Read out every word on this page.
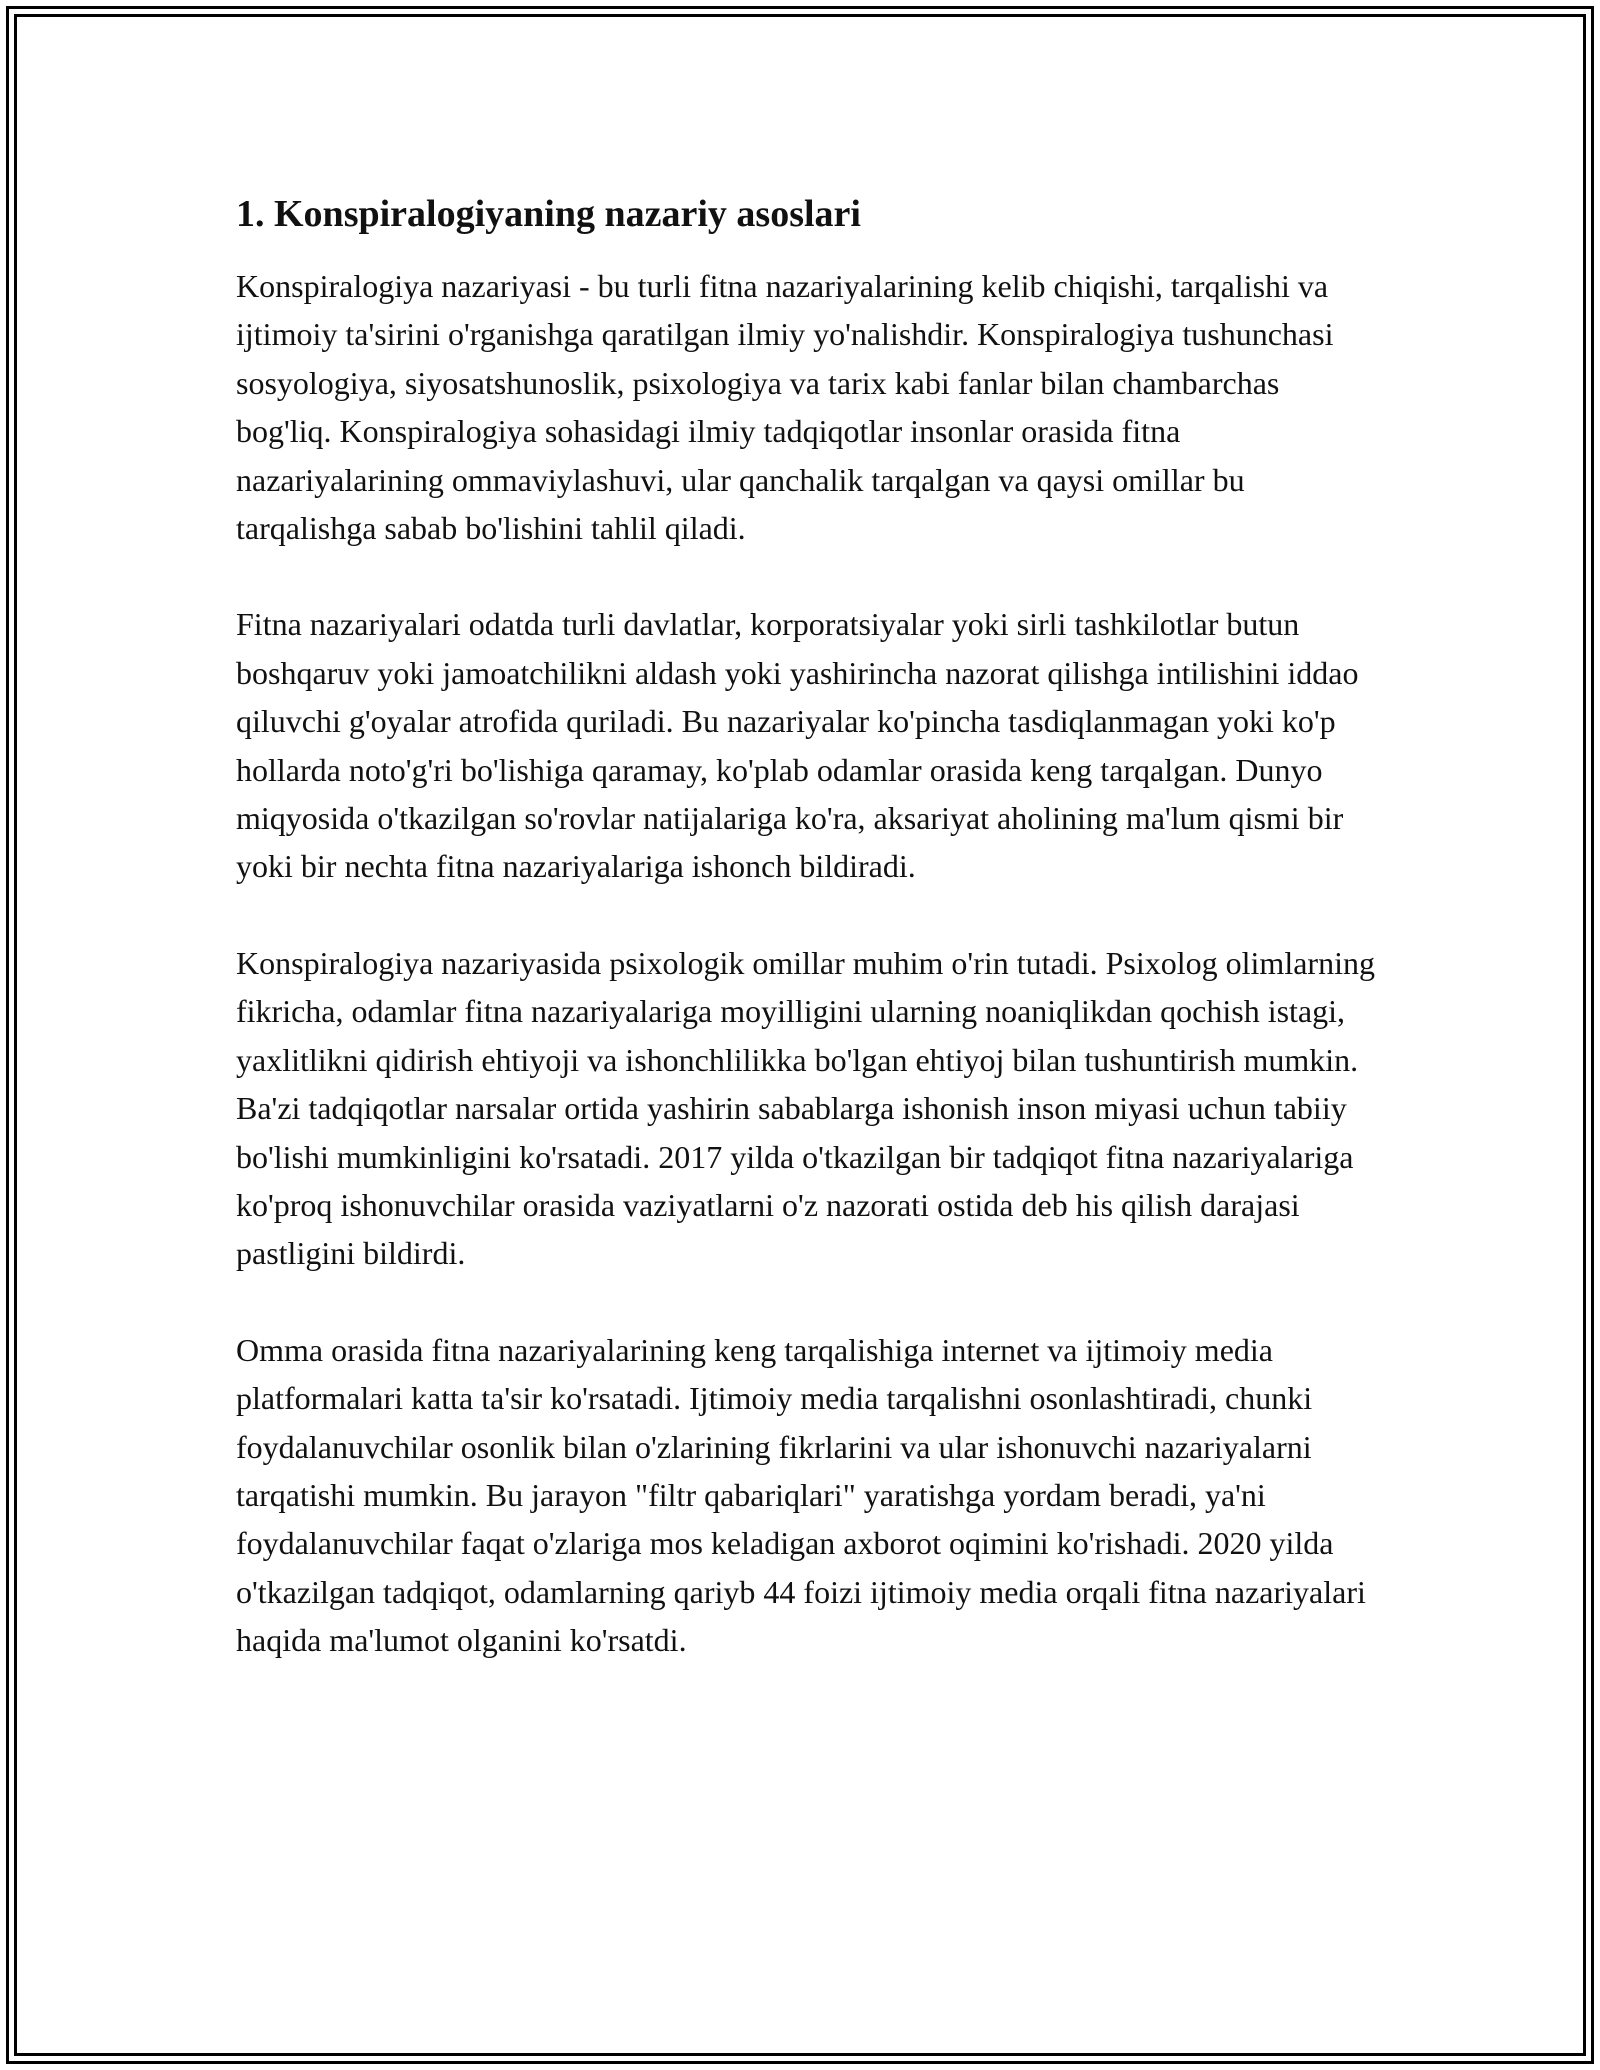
1. Konspiralogiyaning nazariy asoslari

Konspiralogiya nazariyasi - bu turli fitna nazariyalarining kelib chiqishi, tarqalishi va ijtimoiy ta'sirini o'rganishga qaratilgan ilmiy yo'nalishdir. Konspiralogiya tushunchasi sosyologiya, siyosatshunoslik, psixologiya va tarix kabi fanlar bilan chambarchas bog'liq. Konspiralogiya sohasidagi ilmiy tadqiqotlar insonlar orasida fitna nazariyalarining ommaviylashuvi, ular qanchalik tarqalgan va qaysi omillar bu tarqalishga sabab bo'lishini tahlil qiladi.

Fitna nazariyalari odatda turli davlatlar, korporatsiyalar yoki sirli tashkilotlar butun boshqaruv yoki jamoatchilikni aldash yoki yashirincha nazorat qilishga intilishini iddao qiluvchi g'oyalar atrofida quriladi. Bu nazariyalar ko'pincha tasdiqlanmagan yoki ko'p hollarda noto'g'ri bo'lishiga qaramay, ko'plab odamlar orasida keng tarqalgan. Dunyo miqyosida o'tkazilgan so'rovlar natijalariga ko'ra, aksariyat aholining ma'lum qismi bir yoki bir nechta fitna nazariyalariga ishonch bildiradi.

Konspiralogiya nazariyasida psixologik omillar muhim o'rin tutadi. Psixolog olimlarning fikricha, odamlar fitna nazariyalariga moyilligini ularning noaniqlikdan qochish istagi, yaxlitlikni qidirish ehtiyoji va ishonchlilikka bo'lgan ehtiyoj bilan tushuntirish mumkin. Ba'zi tadqiqotlar narsalar ortida yashirin sabablarga ishonish inson miyasi uchun tabiiy bo'lishi mumkinligini ko'rsatadi. 2017 yilda o'tkazilgan bir tadqiqot fitna nazariyalariga ko'proq ishonuvchilar orasida vaziyatlarni o'z nazorati ostida deb his qilish darajasi pastligini bildirdi.

Omma orasida fitna nazariyalarining keng tarqalishiga internet va ijtimoiy media platformalari katta ta'sir ko'rsatadi. Ijtimoiy media tarqalishni osonlashtiradi, chunki foydalanuvchilar osonlik bilan o'zlarining fikrlarini va ular ishonuvchi nazariyalarni tarqatishi mumkin. Bu jarayon "filtr qabariqlari" yaratishga yordam beradi, ya'ni foydalanuvchilar faqat o'zlariga mos keladigan axborot oqimini ko'rishadi. 2020 yilda o'tkazilgan tadqiqot, odamlarning qariyb 44 foizi ijtimoiy media orqali fitna nazariyalari haqida ma'lumot olganini ko'rsatdi.
